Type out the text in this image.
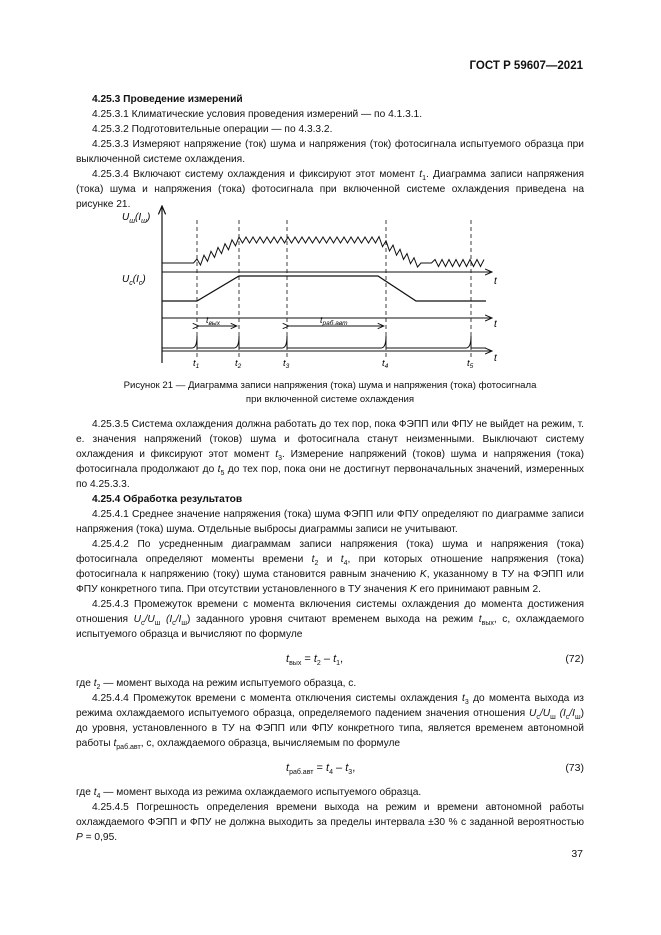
ГОСТ Р 59607—2021

4.25.3 Проведение измерений

4.25.3.1 Климатические условия проведения измерений — по 4.1.3.1.

4.25.3.2 Подготовительные операции — по 4.3.3.2.

4.25.3.3 Измеряют напряжение (ток) шума и напряжения (ток) фотосигнала испытуемого образца при выключенной системе охлаждения.

4.25.3.4 Включают систему охлаждения и фиксируют этот момент $t_1$. Диаграмма записи напряжения (тока) шума и напряжения (тока) фотосигнала при включенной системе охлаждения приведена на рисунке 21.

$U_ш(I_ш)$
$U_с(I_с)$	t
t
t
$t_{вых}$	$t_{раб.авт}$
$t_1$	$t_2$	$t_3$	$t_4$	$t_5$
Рисунок 21 — Диаграмма записи напряжения (тока) шума и напряжения (тока) фотосигнала
при включенной системе охлаждения

4.25.3.5 Система охлаждения должна работать до тех пор, пока ФЭПП или ФПУ не выйдет на режим, т. е. значения напряжений (токов) шума и фотосигнала станут неизменными. Выключают систему охлаждения и фиксируют этот момент $t_3$. Измерение напряжений (токов) шума и напряжения (тока) фотосигнала продолжают до $t_5$ до тех пор, пока они не достигнут первоначальных значений, измеренных по 4.25.3.3.

4.25.4 Обработка результатов

4.25.4.1 Среднее значение напряжения (тока) шума ФЭПП или ФПУ определяют по диаграмме записи напряжения (тока) шума. Отдельные выбросы диаграммы записи не учитывают.

4.25.4.2 По усредненным диаграммам записи напряжения (тока) шума и напряжения (тока) фотосигнала определяют моменты времени $t_2$ и $t_4$, при которых отношение напряжения (тока) фотосигнала к напряжению (току) шума становится равным значению K, указанному в ТУ на ФЭПП или ФПУ конкретного типа. При отсутствии установленного в ТУ значения K его принимают равным 2.

4.25.4.3 Промежуток времени с момента включения системы охлаждения до момента достижения отношения $U_с/U_ш$ $(I_с/I_ш)$ заданного уровня считают временем выхода на режим $t_{вых}$, с, охлаждаемого испытуемого образца и вычисляют по формуле

$t_{вых} = t_2 - t_1$,	(72)

где $t_2$ — момент выхода на режим испытуемого образца, с.

4.25.4.4 Промежуток времени с момента отключения системы охлаждения $t_3$ до момента выхода из режима охлаждаемого испытуемого образца, определяемого падением значения отношения $U_с/U_ш$ $(I_с/I_ш)$ до уровня, установленного в ТУ на ФЭПП или ФПУ конкретного типа, является временем автономной работы $t_{раб.авт}$, с, охлаждаемого образца, вычисляемым по формуле

$t_{раб.авт} = t_4 - t_3$,	(73)

где $t_4$ — момент выхода из режима охлаждаемого испытуемого образца.

4.25.4.5 Погрешность определения времени выхода на режим и времени автономной работы охлаждаемого ФЭПП и ФПУ не должна выходить за пределы интервала ±30 % с заданной вероятностью P = 0,95.

37
